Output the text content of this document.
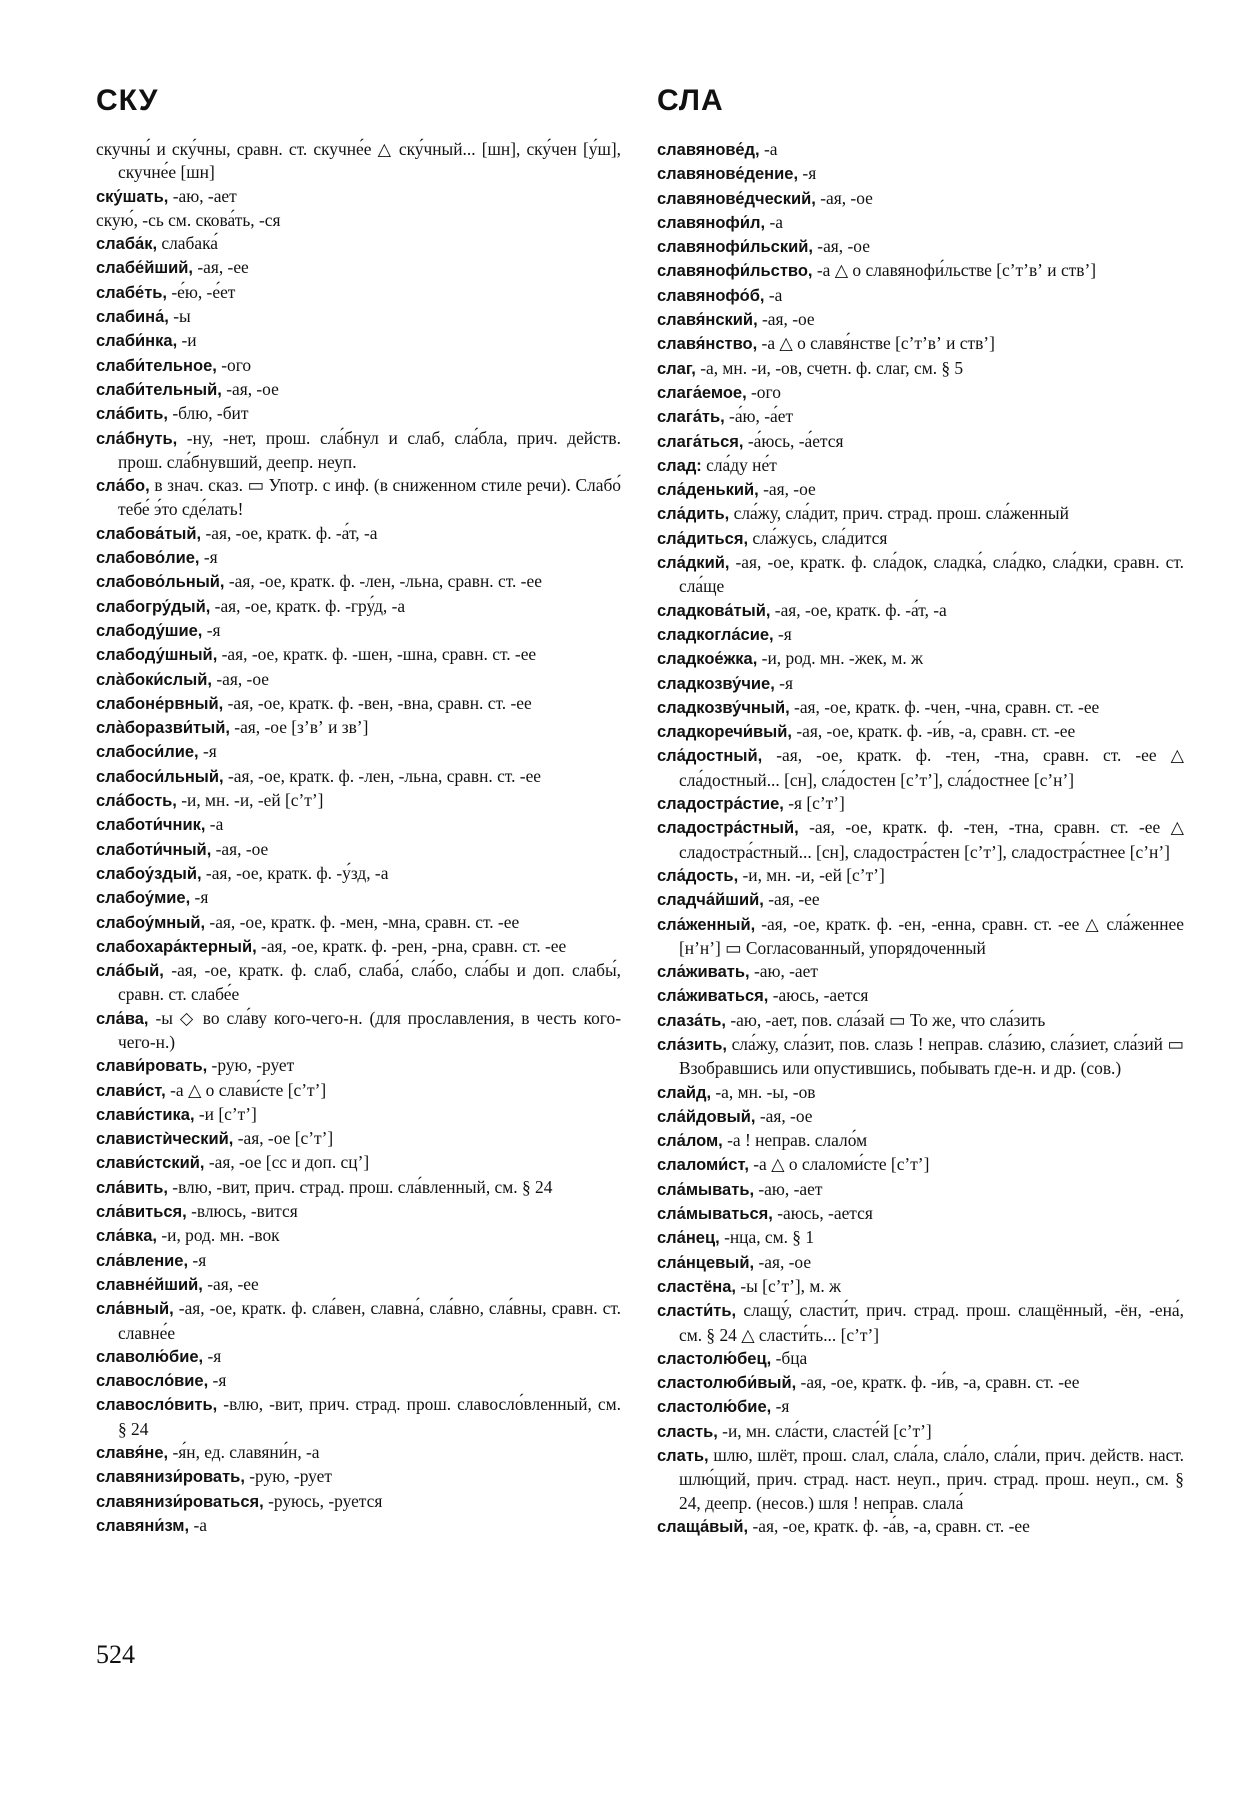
СКУ	СЛА
скучны́ и ску́чны, сравн. ст. скучне́е △ ску́чный... [шн], ску́чен [у́ш], скучне́е [шн]
ску́шать, -аю, -ает
скую́, -сь см. скова́ть, -ся
слаба́к, слабака́
слабе́йший, -ая, -ее
слабе́ть, -е́ю, -е́ет
слабина́, -ы
слаби́нка, -и
слаби́тельное, -ого
слаби́тельный, -ая, -ое
сла́бить, -блю, -бит
сла́бнуть, -ну, -нет, прош. сла́бнул и слаб, сла́бла, прич. действ. прош. сла́бнувший, деепр. неуп.
сла́бо, в знач. сказ. ▭ Употр. с инф. (в сниженном стиле речи). Слабо́ тебе́ э́то сде́лать!
слабова́тый, -ая, -ое, кратк. ф. -а́т, -а
слабово́лие, -я
слабово́льный, -ая, -ое, кратк. ф. -лен, -льна, сравн. ст. -ее
слабогру́дый, -ая, -ое, кратк. ф. -гру́д, -а
слабоду́шие, -я
слабоду́шный, -ая, -ое, кратк. ф. -шен, -шна, сравн. ст. -ее
сла̀боки́слый, -ая, -ое
слабоне́рвный, -ая, -ое, кратк. ф. -вен, -вна, сравн. ст. -ее
сла̀боразви́тый, -ая, -ое [зʼвʼ и звʼ]
слабоси́лие, -я
слабоси́льный, -ая, -ое, кратк. ф. -лен, -льна, сравн. ст. -ее
сла́бость, -и, мн. -и, -ей [сʼтʼ]
слаботи́чник, -а
слаботи́чный, -ая, -ое
слабоу́здый, -ая, -ое, кратк. ф. -у́зд, -а
слабоу́мие, -я
слабоу́мный, -ая, -ое, кратк. ф. -мен, -мна, сравн. ст. -ее
слабохара́ктерный, -ая, -ое, кратк. ф. -рен, -рна, сравн. ст. -ее
сла́бый, -ая, -ое, кратк. ф. слаб, слаба́, сла́бо, сла́бы и доп. слабы́, сравн. ст. слабе́е
сла́ва, -ы ◇ во сла́ву кого-чего-н. (для прославления, в честь кого-чего-н.)
слави́ровать, -рую, -рует
слави́ст, -а △ о слави́сте [сʼтʼ]
слави́стика, -и [сʼтʼ]
славистѝческий, -ая, -ое [сʼтʼ]
слави́стский, -ая, -ое [сс и доп. сцʼ]
сла́вить, -влю, -вит, прич. страд. прош. сла́вленный, см. § 24
сла́виться, -влюсь, -вится
сла́вка, -и, род. мн. -вок
сла́вление, -я
славне́йший, -ая, -ее
сла́вный, -ая, -ое, кратк. ф. сла́вен, славна́, сла́вно, сла́вны, сравн. ст. славне́е
славолю́бие, -я
славосло́вие, -я
славосло́вить, -влю, -вит, прич. страд. прош. славосло́вленный, см. § 24
славя́не, -я́н, ед. славяни́н, -а
славянизи́ровать, -рую, -рует
славянизи́роваться, -руюсь, -руется
славяни́зм, -а
славянове́д, -а
славянове́дение, -я
славянове́дческий, -ая, -ое
славянофи́л, -а
славянофи́льский, -ая, -ое
славянофи́льство, -а △ о славянофи́льстве [сʼтʼвʼ и ствʼ]
славянофо́б, -а
славя́нский, -ая, -ое
славя́нство, -а △ о славя́нстве [сʼтʼвʼ и ствʼ]
слаг, -а, мн. -и, -ов, счетн. ф. слаг, см. § 5
слага́емое, -ого
слага́ть, -а́ю, -а́ет
слага́ться, -а́юсь, -а́ется
слад: сла́ду не́т
сла́денький, -ая, -ое
сла́дить, сла́жу, сла́дит, прич. страд. прош. сла́женный
сла́диться, сла́жусь, сла́дится
сла́дкий, -ая, -ое, кратк. ф. сла́док, сладка́, сла́дко, сла́дки, сравн. ст. сла́ще
сладкова́тый, -ая, -ое, кратк. ф. -а́т, -а
сладкогла́сие, -я
сладкое́жка, -и, род. мн. -жек, м. ж
сладкозву́чие, -я
сладкозву́чный, -ая, -ое, кратк. ф. -чен, -чна, сравн. ст. -ее
сладкоречи́вый, -ая, -ое, кратк. ф. -и́в, -а, сравн. ст. -ее
сла́достный, -ая, -ое, кратк. ф. -тен, -тна, сравн. ст. -ее △ сла́достный... [сн], сла́достен [сʼтʼ], сла́достнее [сʼнʼ]
сладостра́стие, -я [сʼтʼ]
сладостра́стный, -ая, -ое, кратк. ф. -тен, -тна, сравн. ст. -ее △ сладостра́стный... [сн], сладостра́стен [сʼтʼ], сладостра́стнее [сʼнʼ]
сла́дость, -и, мн. -и, -ей [сʼтʼ]
сладча́йший, -ая, -ее
сла́женный, -ая, -ое, кратк. ф. -ен, -енна, сравн. ст. -ее △ сла́женнее [нʼнʼ] ▭ Согласованный, упорядоченный
сла́живать, -аю, -ает
сла́живаться, -аюсь, -ается
слаза́ть, -аю, -ает, пов. сла́зай ▭ То же, что сла́зить
сла́зить, сла́жу, сла́зит, пов. слазь ! неправ. сла́зию, сла́зиет, сла́зий ▭ Взобравшись или опустившись, побывать где-н. и др. (сов.)
слайд, -а, мн. -ы, -ов
сла́йдовый, -ая, -ое
сла́лом, -а ! неправ. слало́м
слаломи́ст, -а △ о слаломи́сте [сʼтʼ]
сла́мывать, -аю, -ает
сла́мываться, -аюсь, -ается
сла́нец, -нца, см. § 1
сла́нцевый, -ая, -ое
сластёна, -ы [сʼтʼ], м. ж
сласти́ть, слащу́, сласти́т, прич. страд. прош. слащённый, -ён, -ена́, см. § 24 △ сласти́ть... [сʼтʼ]
сластолю́бец, -бца
сластолюби́вый, -ая, -ое, кратк. ф. -и́в, -а, сравн. ст. -ее
сластолю́бие, -я
сласть, -и, мн. сла́сти, сласте́й [сʼтʼ]
слать, шлю, шлёт, прош. слал, сла́ла, сла́ло, сла́ли, прич. действ. наст. шлю́щий, прич. страд. наст. неуп., прич. страд. прош. неуп., см. § 24, деепр. (несов.) шля ! неправ. слала́
слаща́вый, -ая, -ое, кратк. ф. -а́в, -а, сравн. ст. -ее
524
